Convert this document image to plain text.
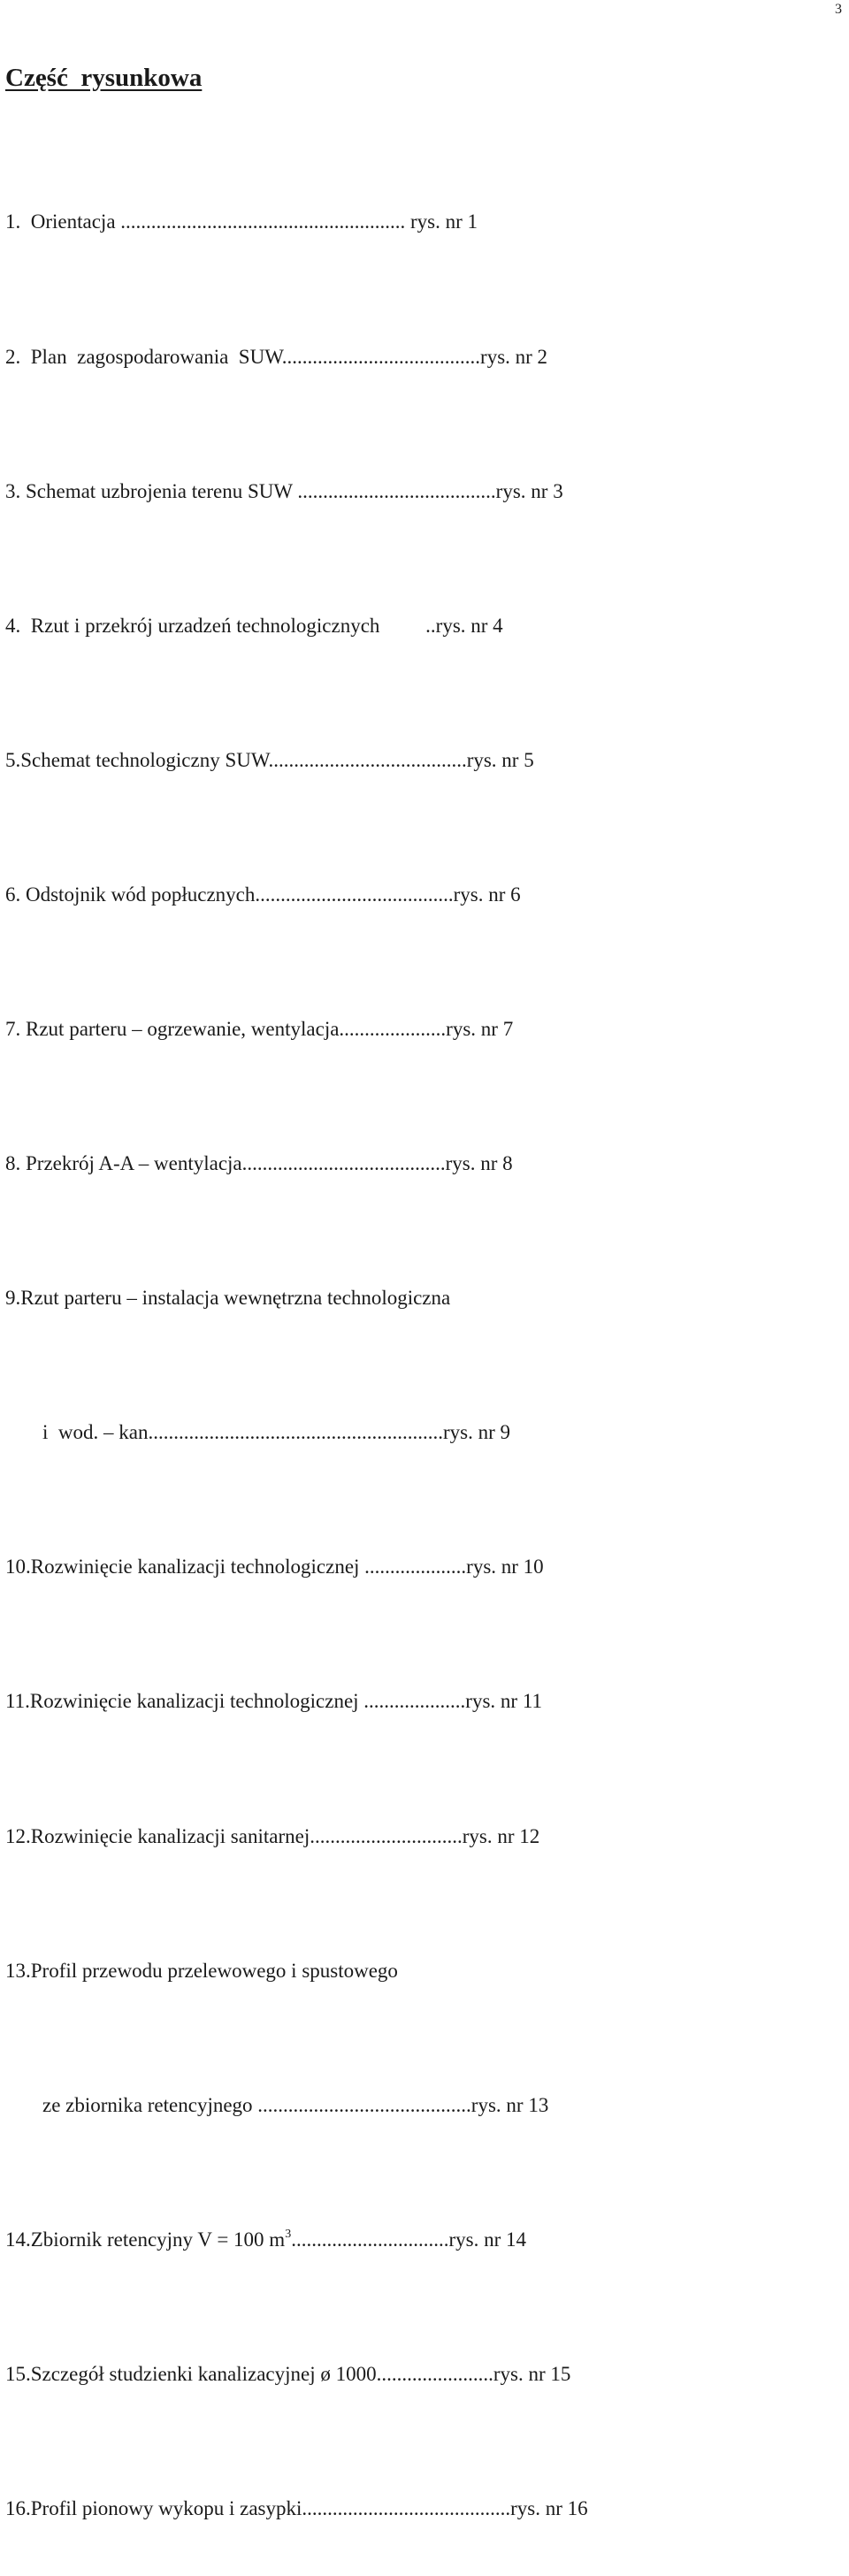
3
Część  rysunkowa

1.  Orientacja ........................................................ rys. nr 1

2.  Plan  zagospodarowania  SUW.......................................rys. nr 2

3. Schemat uzbrojenia terenu SUW .......................................rys. nr 3

4.  Rzut i przekrój urzadzeń technologicznych         ..rys. nr 4

5.Schemat technologiczny SUW.......................................rys. nr 5

6. Odstojnik wód popłucznych.......................................rys. nr 6

7. Rzut parteru – ogrzewanie, wentylacja.....................rys. nr 7

8. Przekrój A-A – wentylacja........................................rys. nr 8

9.Rzut parteru – instalacja wewnętrzna technologiczna

i  wod. – kan..........................................................rys. nr 9

10.Rozwinięcie kanalizacji technologicznej ....................rys. nr 10

11.Rozwinięcie kanalizacji technologicznej ....................rys. nr 11

12.Rozwinięcie kanalizacji sanitarnej..............................rys. nr 12

13.Profil przewodu przelewowego i spustowego

ze zbiornika retencyjnego ..........................................rys. nr 13

14.Zbiornik retencyjny V = 100 $m^3...............................rys$. nr 14

15.Szczegół studzienki kanalizacyjnej ø 1000.......................rys. nr 15

16.Profil pionowy wykopu i zasypki.........................................rys. nr 16
